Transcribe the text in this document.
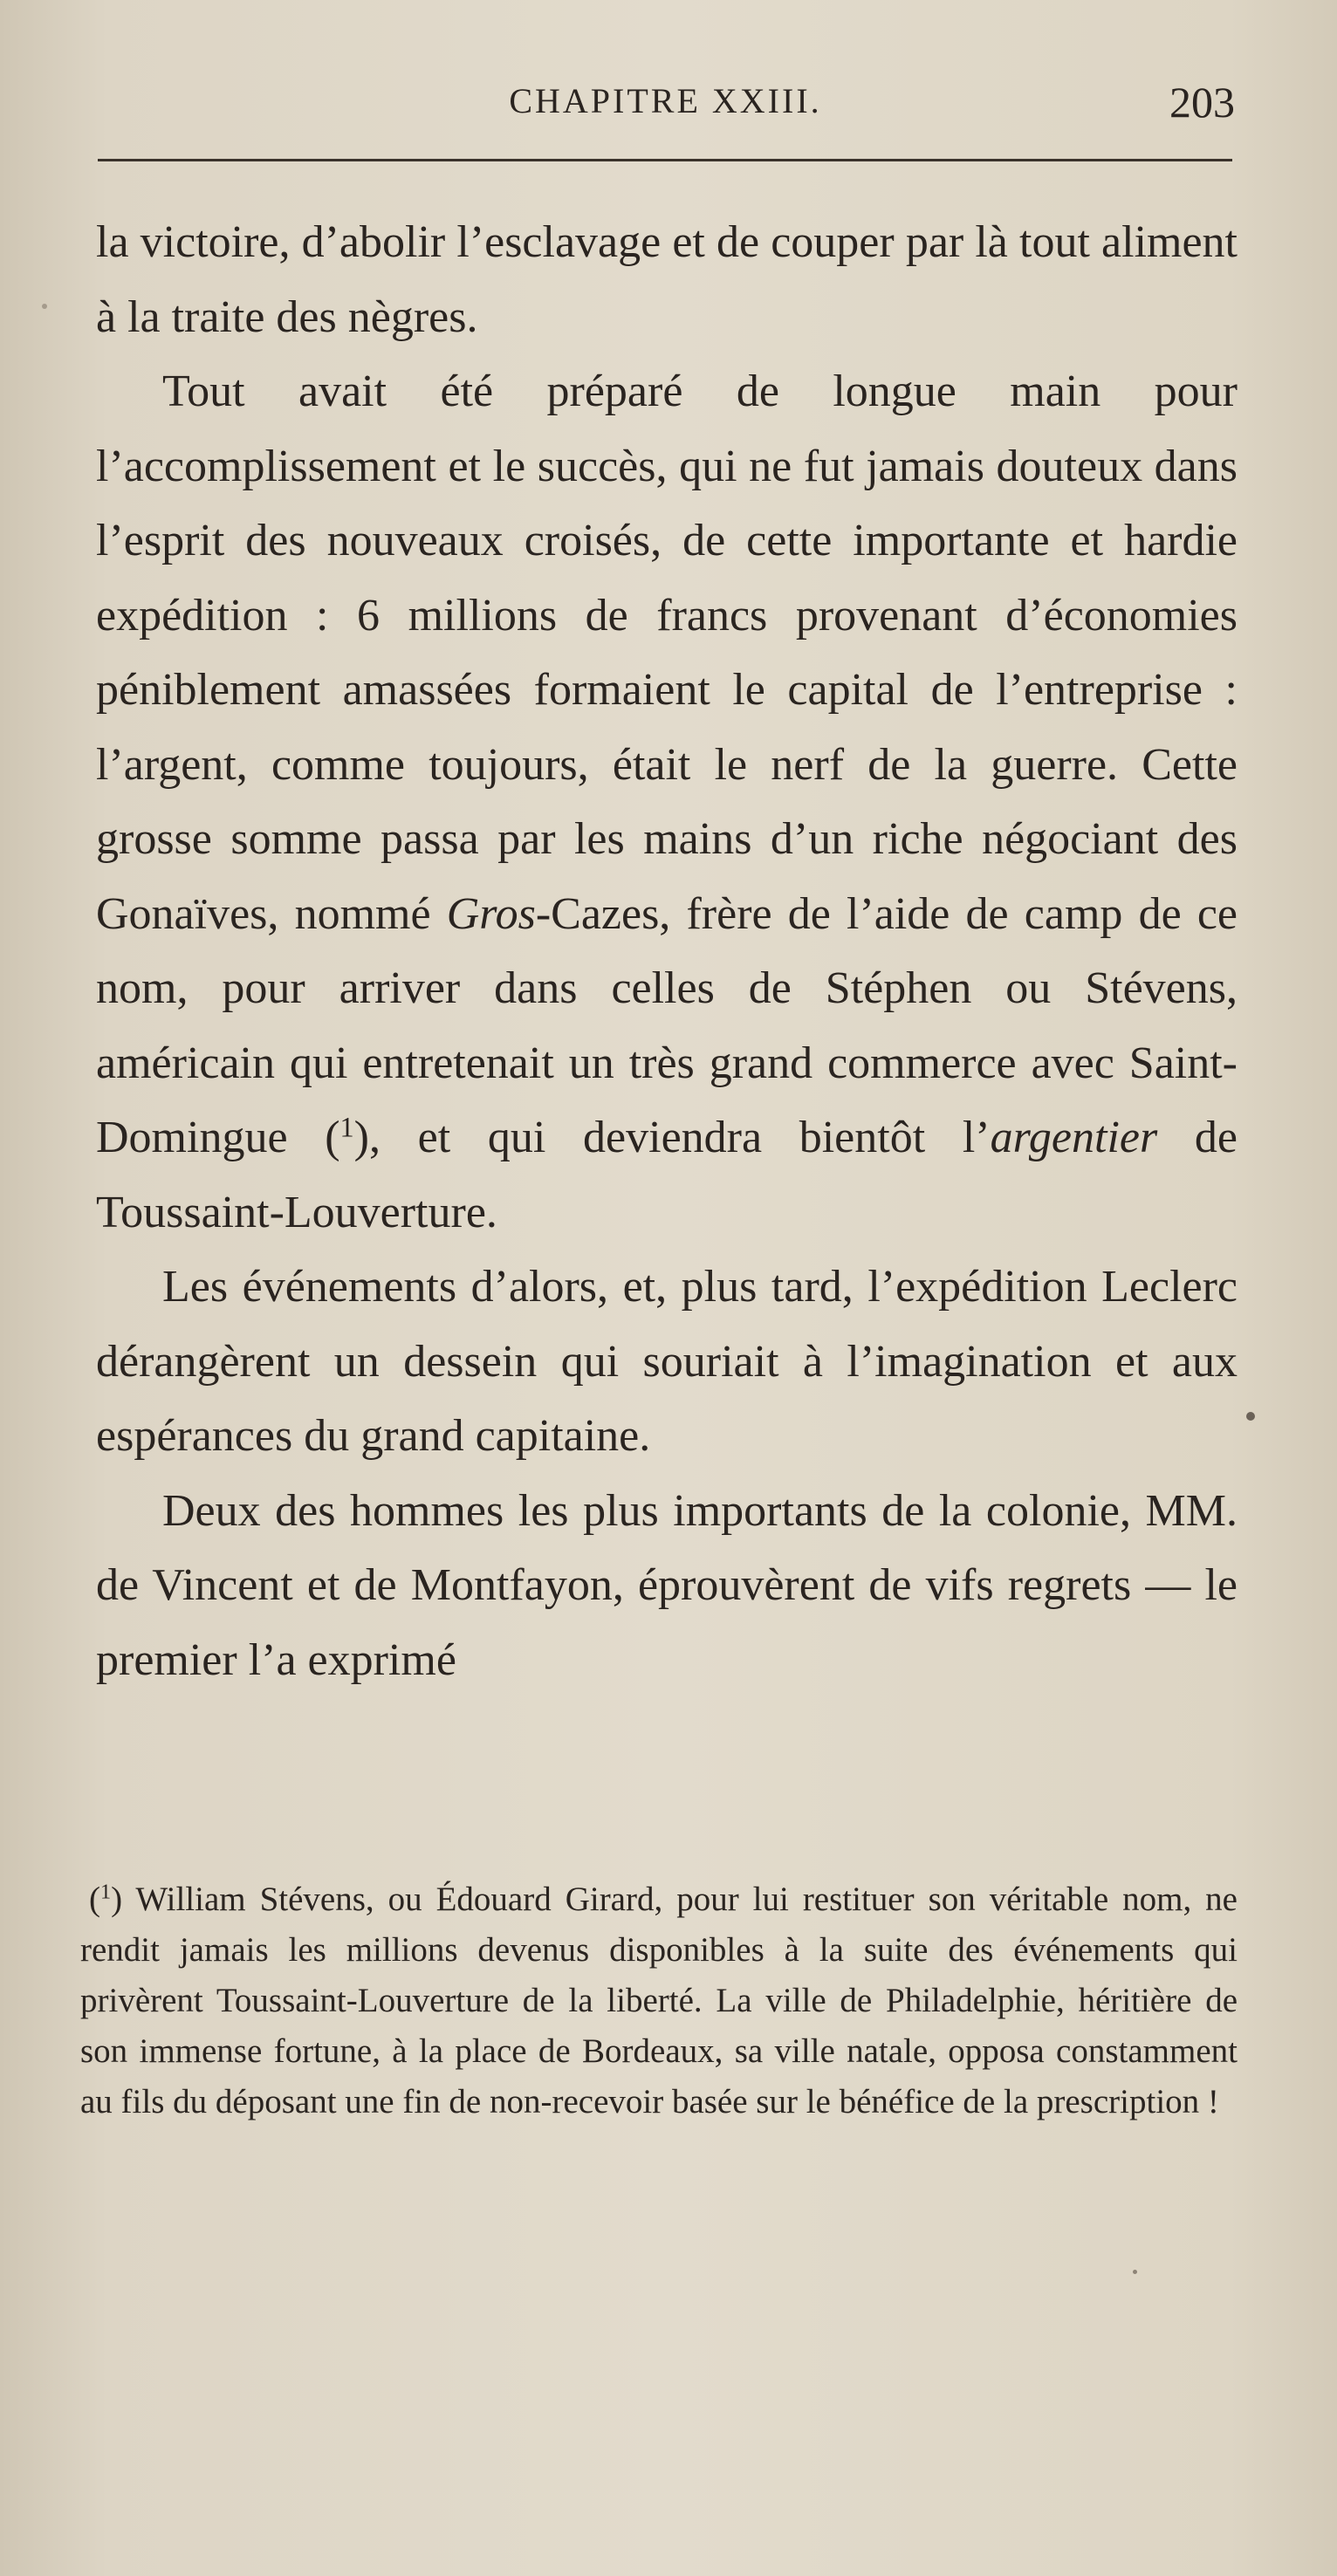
CHAPITRE XXIII.	203

la victoire, d’abolir l’esclavage et de couper par là tout aliment à la traite des nègres.

Tout avait été préparé de longue main pour l’accomplissement et le succès, qui ne fut jamais douteux dans l’esprit des nouveaux croisés, de cette importante et hardie expédition : 6 millions de francs provenant d’économies péniblement amassées formaient le capital de l’entreprise : l’argent, comme toujours, était le nerf de la guerre. Cette grosse somme passa par les mains d’un riche négociant des Gonaïves, nommé Gros-Cazes, frère de l’aide de camp de ce nom, pour arriver dans celles de Stéphen ou Stévens, américain qui entretenait un très grand commerce avec Saint-Domingue ($^1$), et qui deviendra bientôt l’argentier de Toussaint-Louverture.

Les événements d’alors, et, plus tard, l’expédition Leclerc dérangèrent un dessein qui souriait à l’imagination et aux espérances du grand capitaine.

Deux des hommes les plus importants de la colonie, MM. de Vincent et de Montfayon, éprouvèrent de vifs regrets — le premier l’a exprimé

($^1$) William Stévens, ou Édouard Girard, pour lui restituer son véritable nom, ne rendit jamais les millions devenus disponibles à la suite des événements qui privèrent Toussaint-Louverture de la liberté. La ville de Philadelphie, héritière de son immense fortune, à la place de Bordeaux, sa ville natale, opposa constamment au fils du déposant une fin de non-recevoir basée sur le bénéfice de la prescription !
